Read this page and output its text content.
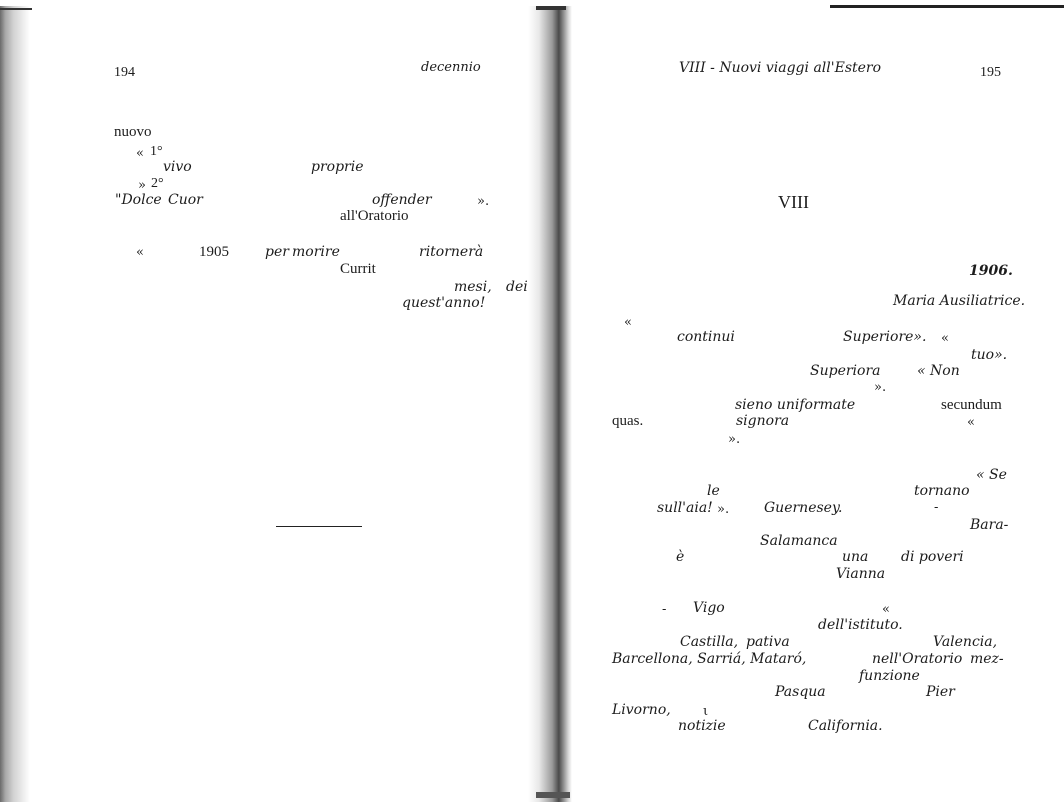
194	decennio
nuovo
« 1°
vivo	proprie
» 2°
"Dolce Cuor	offender	».
all'Oratorio
«	1905	per morire	ritornerà
Currit
mesi, dei
quest'anno!
VIII - Nuovi viaggi all'Estero	195
VIII
1906.
Maria Ausiliatrice.
«
continui	Superiore». «
tuo».
Superiora	« Non
».
sieno uniformate	secundum
quas.	signora	«
».
« Se
le	tornano
sull'aia! ». Guernesey.	-
Bara-
Salamanca
è	una di poveri
Vianna
- Vigo	«
dell'istituto.
Castilla, pativa	Valencia,
Barcellona, Sarriá, Mataró,	nell'Oratorio mez-
funzione
Pasqua	Pier
Livorno, ι
notizie	California.
